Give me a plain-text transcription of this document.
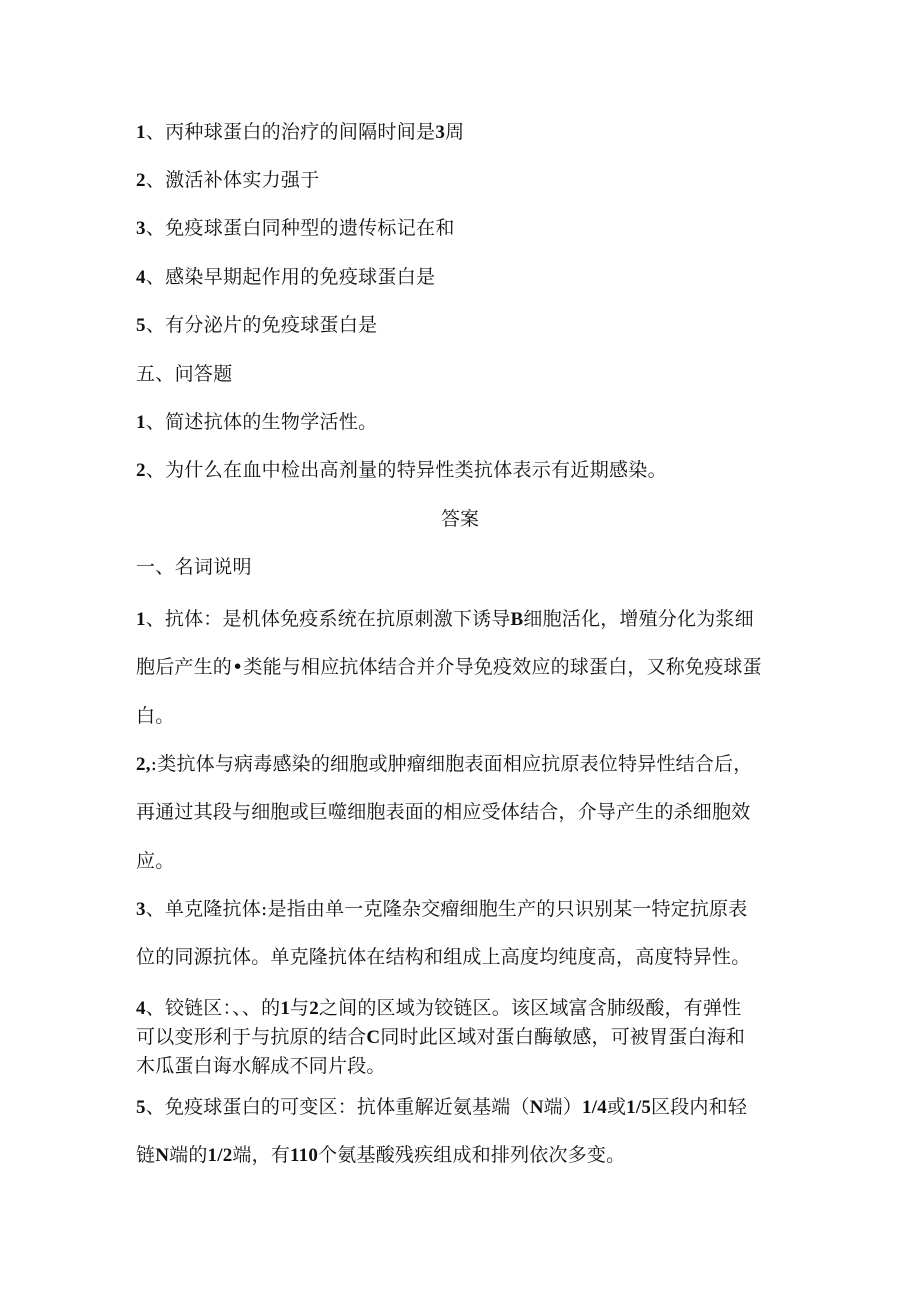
1、丙种球蛋白的治疗的间隔时间是3周
2、激活补体实力强于
3、免疫球蛋白同种型的遗传标记在和
4、感染早期起作用的免疫球蛋白是
5、有分泌片的免疫球蛋白是
五、问答题
1、简述抗体的生物学活性。
2、为什么在血中检出高剂量的特异性类抗体表示有近期感染。
答案
一、名词说明
1、抗体：是机体免疫系统在抗原刺激下诱导B细胞活化，增殖分化为浆细
胞后产生的•类能与相应抗体结合并介导免疫效应的球蛋白，又称免疫球蛋
白。
2,:类抗体与病毒感染的细胞或肿瘤细胞表面相应抗原表位特异性结合后，
再通过其段与细胞或巨噬细胞表面的相应受体结合，介导产生的杀细胞效
应。
3、单克隆抗体:是指由单一克隆杂交瘤细胞生产的只识别某一特定抗原表
位的同源抗体。单克隆抗体在结构和组成上高度均纯度高，高度特异性。
4、铰链区：、、的1与2之间的区域为铰链区。该区域富含肺级酸，有弹性
可以变形利于与抗原的结合C同时此区域对蛋白酶敏感，可被胃蛋白海和
木瓜蛋白诲水解成不同片段。
5、免疫球蛋白的可变区：抗体重解近氨基端（N端）1/4或1/5区段内和轻
链N端的1/2端，有110个氨基酸残疾组成和排列依次多变。
